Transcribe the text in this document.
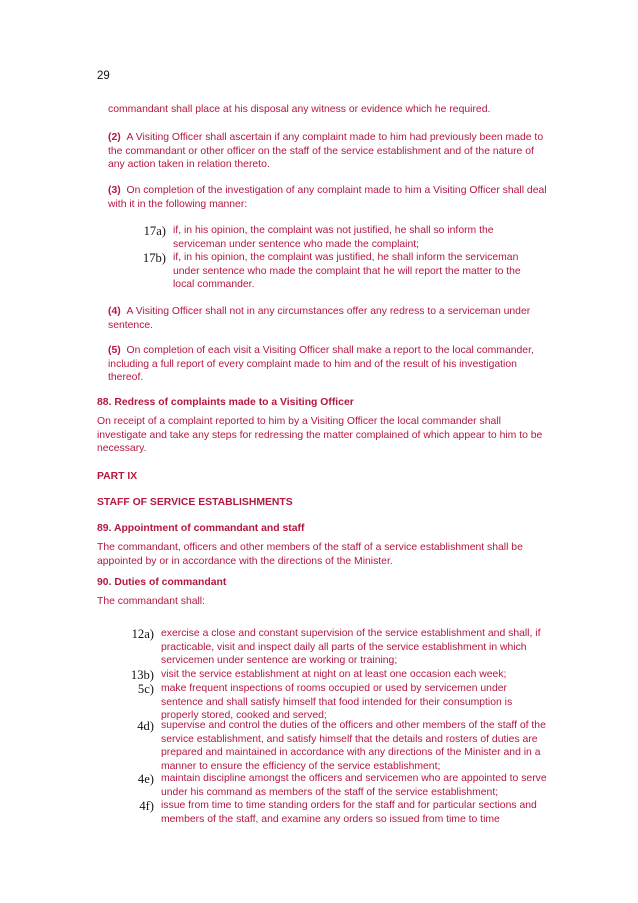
29

commandant shall place at his disposal any witness or evidence which he required.

(2) A Visiting Officer shall ascertain if any complaint made to him had previously been made to the commandant or other officer on the staff of the service establishment and of the nature of any action taken in relation thereto.

(3) On completion of the investigation of any complaint made to him a Visiting Officer shall deal with it in the following manner:

17a) if, in his opinion, the complaint was not justified, he shall so inform the serviceman under sentence who made the complaint;
17b) if, in his opinion, the complaint was justified, he shall inform the serviceman under sentence who made the complaint that he will report the matter to the local commander.

(4) A Visiting Officer shall not in any circumstances offer any redress to a serviceman under sentence.

(5) On completion of each visit a Visiting Officer shall make a report to the local commander, including a full report of every complaint made to him and of the result of his investigation thereof.

88. Redress of complaints made to a Visiting Officer

On receipt of a complaint reported to him by a Visiting Officer the local commander shall investigate and take any steps for redressing the matter complained of which appear to him to be necessary.

PART IX
STAFF OF SERVICE ESTABLISHMENTS
89. Appointment of commandant and staff

The commandant, officers and other members of the staff of a service establishment shall be appointed by or in accordance with the directions of the Minister.

90. Duties of commandant

The commandant shall:

12a) exercise a close and constant supervision of the service establishment and shall, if practicable, visit and inspect daily all parts of the service establishment in which servicemen under sentence are working or training;
13b) visit the service establishment at night on at least one occasion each week;
5c) make frequent inspections of rooms occupied or used by servicemen under sentence and shall satisfy himself that food intended for their consumption is properly stored, cooked and served;
4d) supervise and control the duties of the officers and other members of the staff of the service establishment, and satisfy himself that the details and rosters of duties are prepared and maintained in accordance with any directions of the Minister and in a manner to ensure the efficiency of the service establishment;
4e) maintain discipline amongst the officers and servicemen who are appointed to serve under his command as members of the staff of the service establishment;
4f) issue from time to time standing orders for the staff and for particular sections and members of the staff, and examine any orders so issued from time to time
